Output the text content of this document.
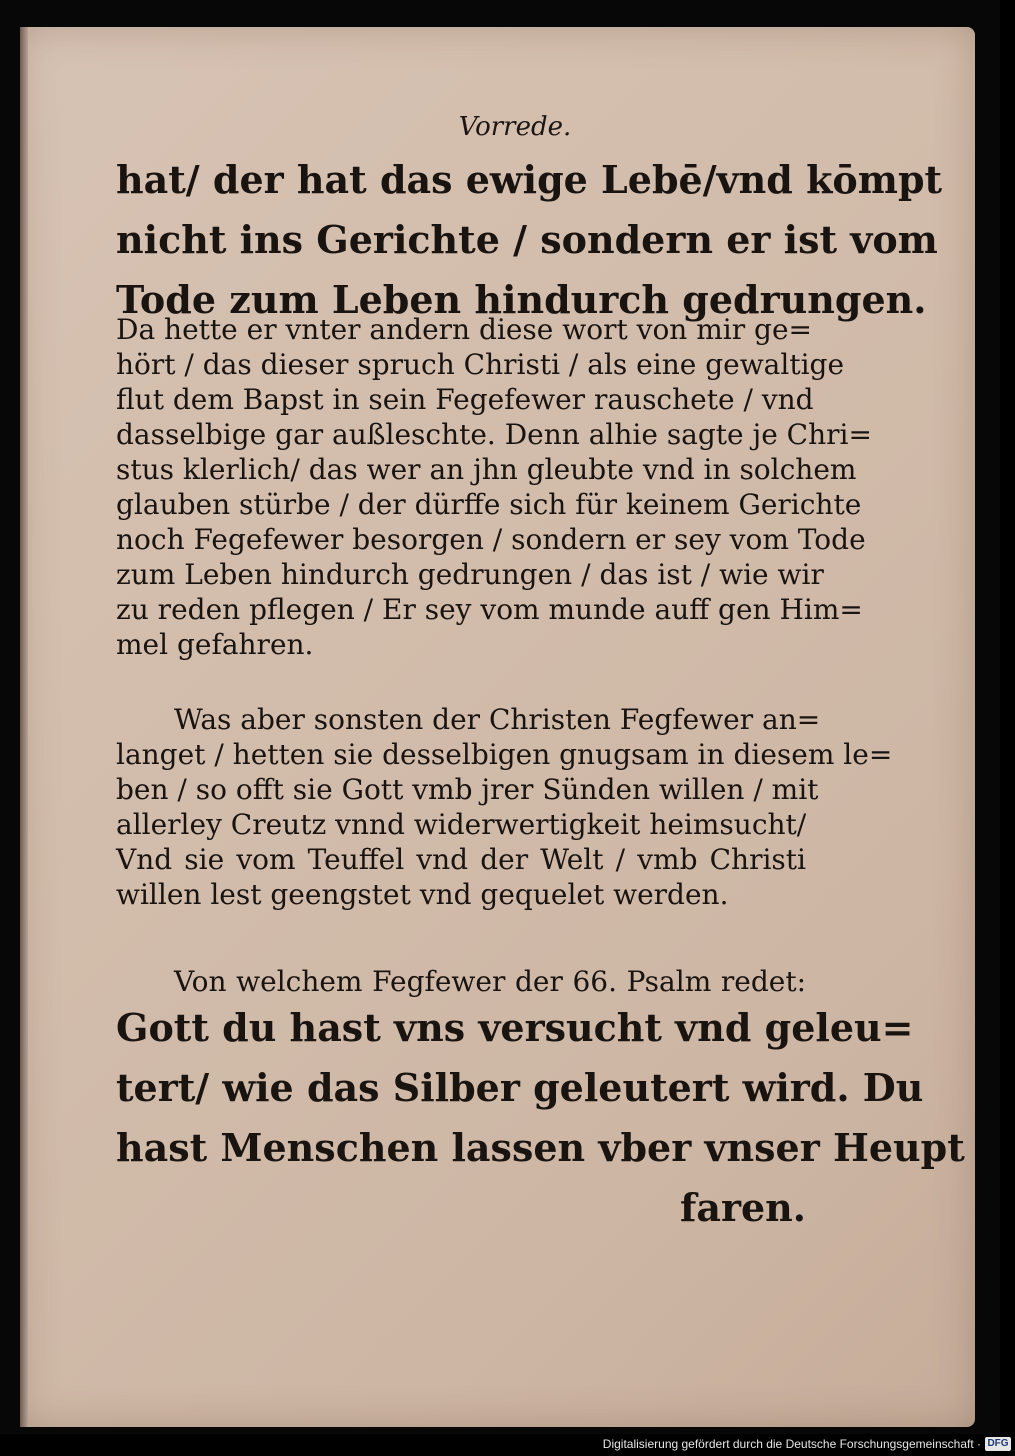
Vorrede.
hat/ der hat das ewige Lebē/vnd kōmpt
nicht ins Gerichte / sondern er ist vom
Tode zum Leben hindurch gedrungen.
Da hette er vnter andern diese wort von mir ge=
hört / das dieser spruch Christi / als eine gewaltige
flut dem Bapst in sein Fegefewer rauschete / vnd
dasselbige gar außleschte. Denn alhie sagte je Chri=
stus klerlich/ das wer an jhn gleubte vnd in solchem
glauben stürbe / der dürffe sich für keinem Gerichte
noch Fegefewer besorgen / sondern er sey vom Tode
zum Leben hindurch gedrungen / das ist / wie wir
zu reden pflegen / Er sey vom munde auff gen Him=
mel gefahren.
Was aber sonsten der Christen Fegfewer an=
langet / hetten sie desselbigen gnugsam in diesem le=
ben / so offt sie Gott vmb jrer Sünden willen / mit
allerley Creutz vnnd widerwertigkeit heimsucht/
Vnd sie vom Teuffel vnd der Welt / vmb Christi
willen lest geengstet vnd gequelet werden.
Von welchem Fegfewer der 66. Psalm redet:
Gott du hast vns versucht vnd geleu=
tert/ wie das Silber geleutert wird. Du
hast Menschen lassen vber vnser Heupt
faren.
Digitalisierung gefördert durch die Deutsche Forschungsgemeinschaft · DFG
